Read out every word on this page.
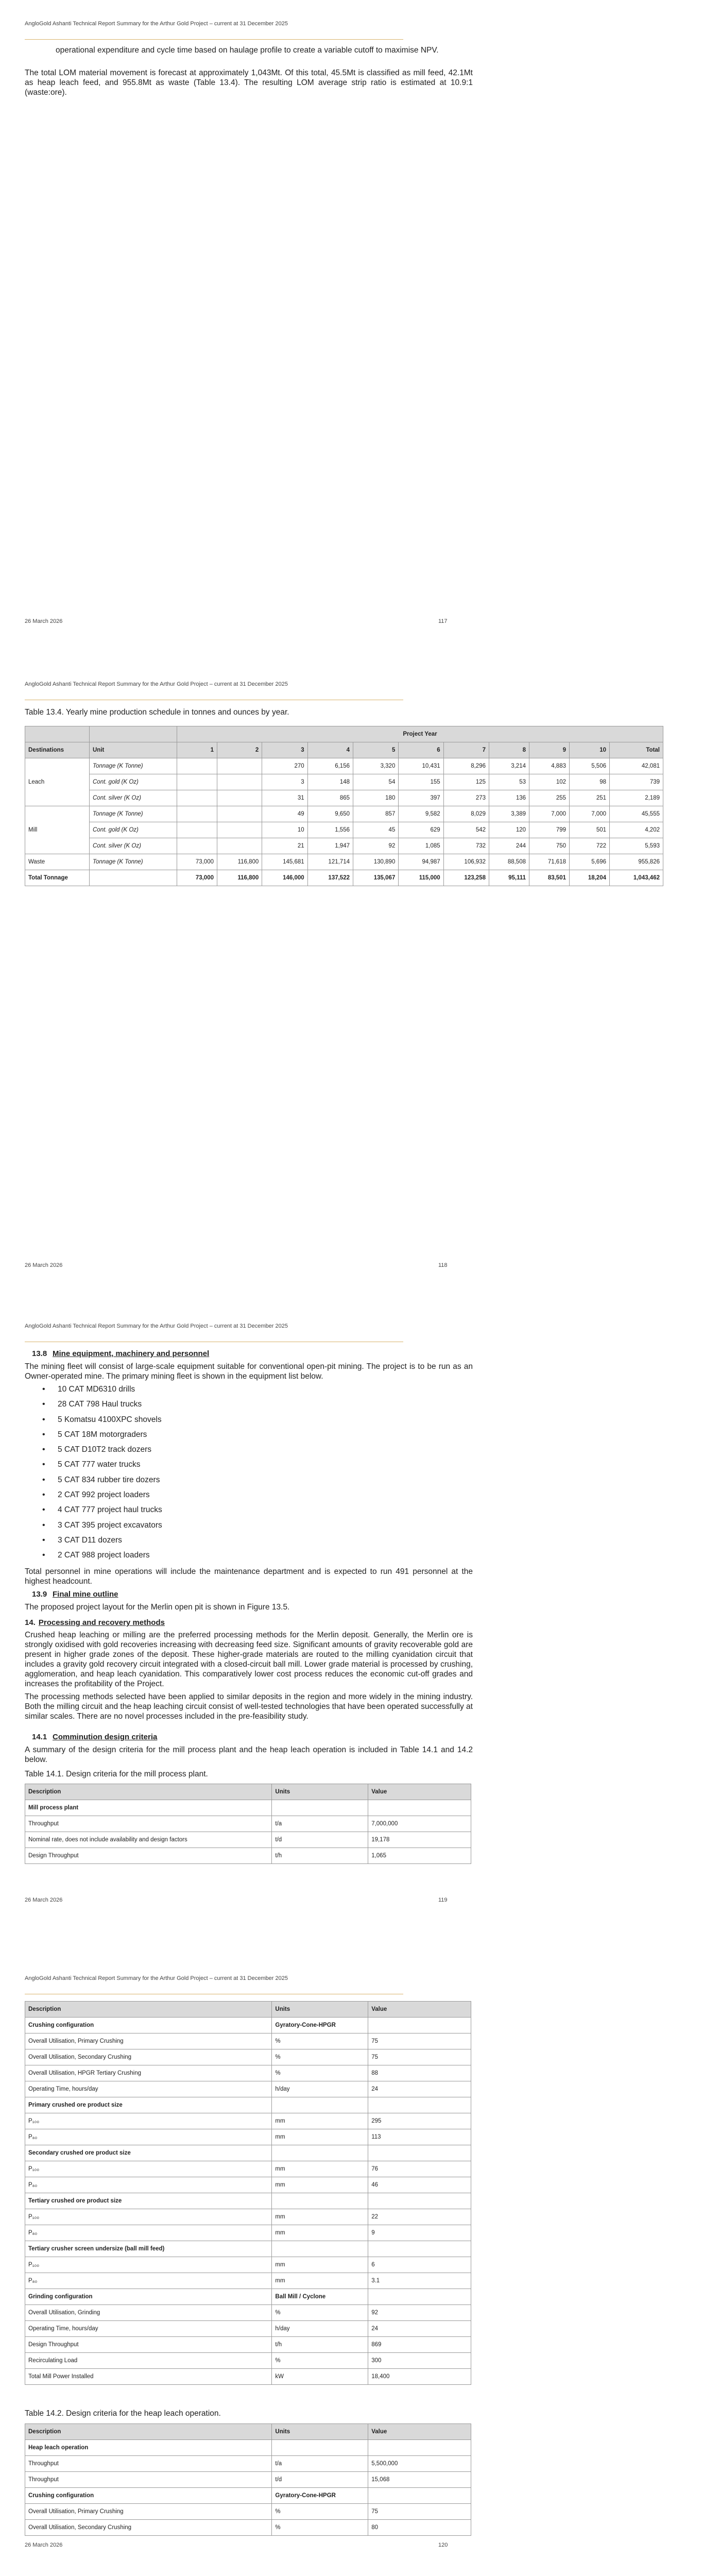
AngloGold Ashanti Technical Report Summary for the Arthur Gold Project – current at 31 December 2025
operational expenditure and cycle time based on haulage profile to create a variable cutoff to maximise NPV.
The total LOM material movement is forecast at approximately 1,043Mt. Of this total, 45.5Mt is classified as mill feed, 42.1Mt as heap leach feed, and 955.8Mt as waste (Table 13.4). The resulting LOM average strip ratio is estimated at 10.9:1 (waste:ore).
26 March 2026	117
AngloGold Ashanti Technical Report Summary for the Arthur Gold Project – current at 31 December 2025
Table 13.4. Yearly mine production schedule in tonnes and ounces by year.
		Project Year										
Destinations	Unit	1	2	3	4	5	6	7	8	9	10	Total
Leach	Tonnage (K Tonne)			270	6,156	3,320	10,431	8,296	3,214	4,883	5,506	42,081
	Cont. gold (K Oz)			3	148	54	155	125	53	102	98	739
	Cont. silver (K Oz)			31	865	180	397	273	136	255	251	2,189
Mill	Tonnage (K Tonne)			49	9,650	857	9,582	8,029	3,389	7,000	7,000	45,555
	Cont. gold (K Oz)			10	1,556	45	629	542	120	799	501	4,202
	Cont. silver (K Oz)			21	1,947	92	1,085	732	244	750	722	5,593
Waste	Tonnage (K Tonne)	73,000	116,800	145,681	121,714	130,890	94,987	106,932	88,508	71,618	5,696	955,826
Total Tonnage		73,000	116,800	146,000	137,522	135,067	115,000	123,258	95,111	83,501	18,204	1,043,462
26 March 2026	118
AngloGold Ashanti Technical Report Summary for the Arthur Gold Project – current at 31 December 2025
13.8 Mine equipment, machinery and personnel
The mining fleet will consist of large-scale equipment suitable for conventional open-pit mining. The project is to be run as an Owner-operated mine. The primary mining fleet is shown in the equipment list below.
• 10 CAT MD6310 drills
• 28 CAT 798 Haul trucks
• 5 Komatsu 4100XPC shovels
• 5 CAT 18M motorgraders
• 5 CAT D10T2 track dozers
• 5 CAT 777 water trucks
• 5 CAT 834 rubber tire dozers
• 2 CAT 992 project loaders
• 4 CAT 777 project haul trucks
• 3 CAT 395 project excavators
• 3 CAT D11 dozers
• 2 CAT 988 project loaders
Total personnel in mine operations will include the maintenance department and is expected to run 491 personnel at the highest headcount.
13.9 Final mine outline
The proposed project layout for the Merlin open pit is shown in Figure 13.5.
14. Processing and recovery methods
Crushed heap leaching or milling are the preferred processing methods for the Merlin deposit. Generally, the Merlin ore is strongly oxidised with gold recoveries increasing with decreasing feed size. Significant amounts of gravity recoverable gold are present in higher grade zones of the deposit. These higher-grade materials are routed to the milling cyanidation circuit that includes a gravity gold recovery circuit integrated with a closed-circuit ball mill. Lower grade material is processed by crushing, agglomeration, and heap leach cyanidation. This comparatively lower cost process reduces the economic cut-off grades and increases the profitability of the Project.
The processing methods selected have been applied to similar deposits in the region and more widely in the mining industry. Both the milling circuit and the heap leaching circuit consist of well-tested technologies that have been operated successfully at similar scales. There are no novel processes included in the pre-feasibility study.
14.1 Comminution design criteria
A summary of the design criteria for the mill process plant and the heap leach operation is included in Table 14.1 and 14.2 below.
Table 14.1. Design criteria for the mill process plant.
Description	Units	Value
Mill process plant		
Throughput	t/a	7,000,000
Nominal rate, does not include availability and design factors	t/d	19,178
Design Throughput	t/h	1,065
26 March 2026	119
AngloGold Ashanti Technical Report Summary for the Arthur Gold Project – current at 31 December 2025
Description	Units	Value
Crushing configuration	Gyratory-Cone-HPGR	
Overall Utilisation, Primary Crushing	%	75
Overall Utilisation, Secondary Crushing	%	75
Overall Utilisation, HPGR Tertiary Crushing	%	88
Operating Time, hours/day	h/day	24
Primary crushed ore product size		
P₁₀₀	mm	295
P₈₀	mm	113
Secondary crushed ore product size		
P₁₀₀	mm	76
P₈₀	mm	46
Tertiary crushed ore product size		
P₁₀₀	mm	22
P₈₀	mm	9
Tertiary crusher screen undersize (ball mill feed)		
P₁₀₀	mm	6
P₈₀	mm	3.1
Grinding configuration	Ball Mill / Cyclone	
Overall Utilisation, Grinding	%	92
Operating Time, hours/day	h/day	24
Design Throughput	t/h	869
Recirculating Load	%	300
Total Mill Power Installed	kW	18,400
Table 14.2. Design criteria for the heap leach operation.
Description	Units	Value
Heap leach operation		
Throughput	t/a	5,500,000
Throughput	t/d	15,068
Crushing configuration	Gyratory-Cone-HPGR	
Overall Utilisation, Primary Crushing	%	75
Overall Utilisation, Secondary Crushing	%	80
26 March 2026	120
